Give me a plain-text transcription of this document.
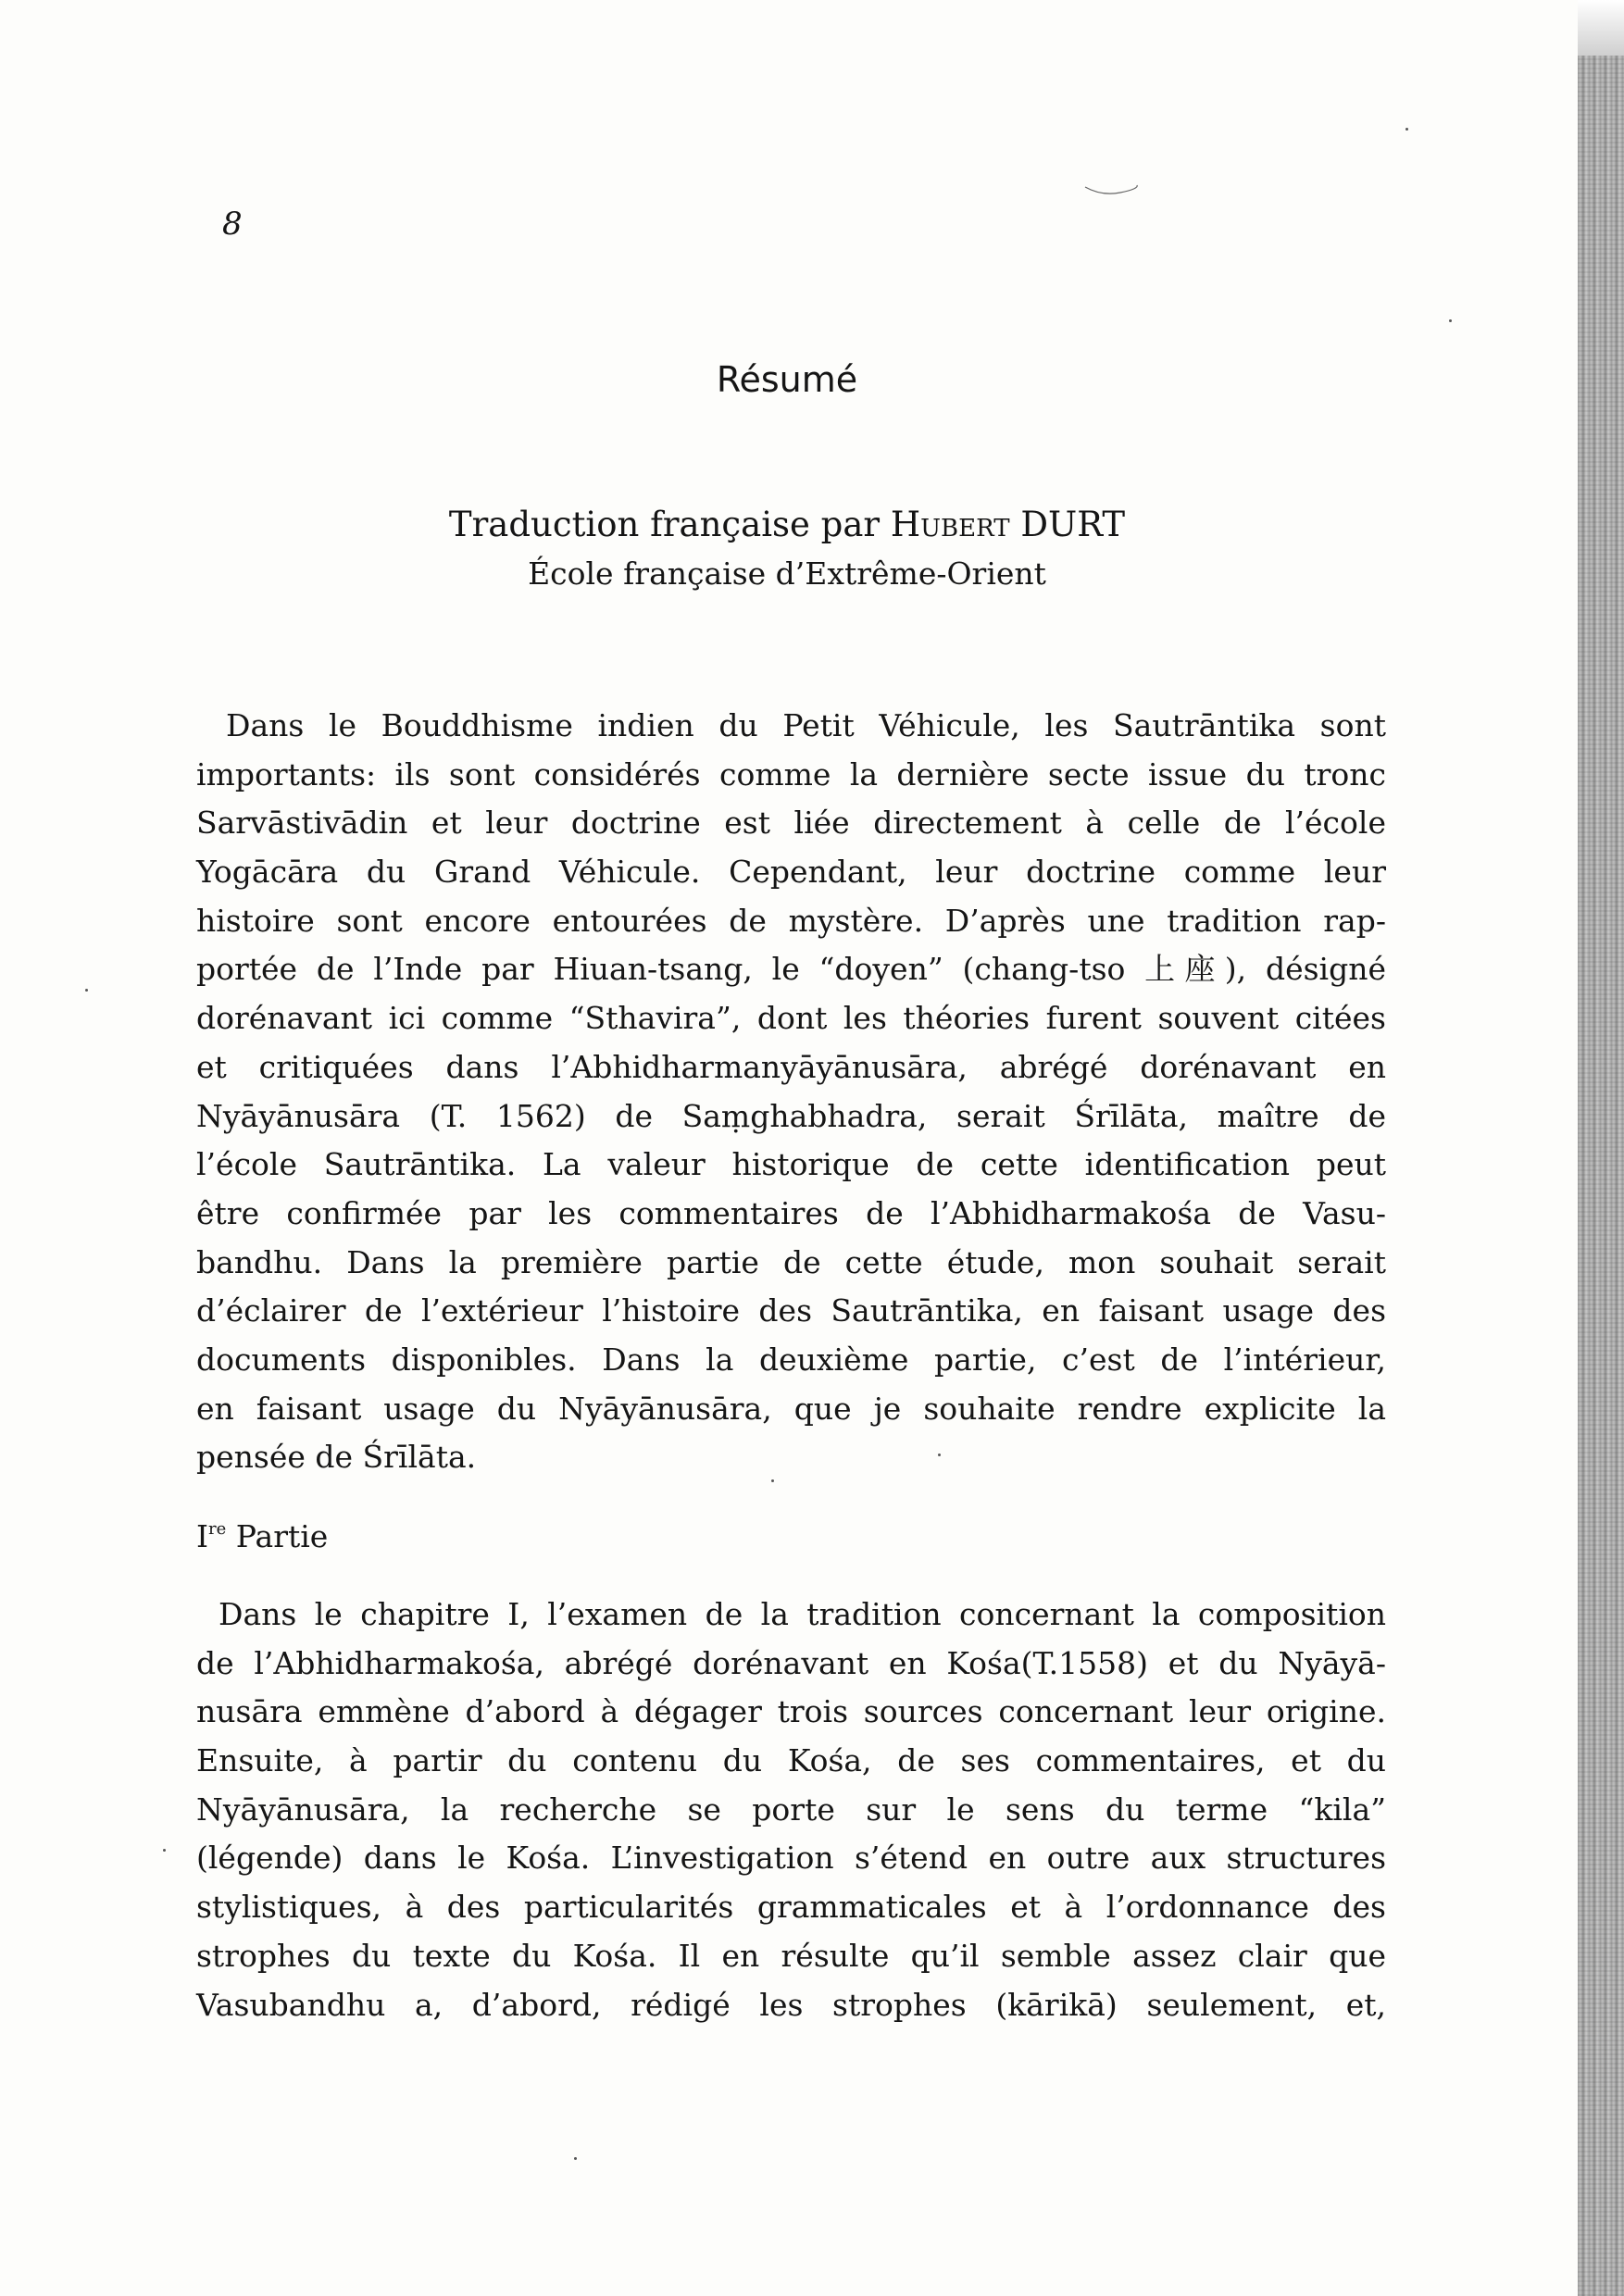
8
Résumé
Traduction française par Hubert DURT
École française d’Extrême-Orient
Dans le Bouddhisme indien du Petit Véhicule, les Sautrāntika sont
importants: ils sont considérés comme la dernière secte issue du tronc
Sarvāstivādin et leur doctrine est liée directement à celle de l’école
Yogācāra du Grand Véhicule. Cependant, leur doctrine comme leur
histoire sont encore entourées de mystère. D’après une tradition rap-
portée de l’Inde par Hiuan-tsang, le “doyen” (chang-tso 上座), désigné
dorénavant ici comme “Sthavira”, dont les théories furent souvent citées
et critiquées dans l’Abhidharmanyāyānusāra, abrégé dorénavant en
Nyāyānusāra (T. 1562) de Saṃghabhadra, serait Śrīlāta, maître de
l’école Sautrāntika. La valeur historique de cette identification peut
être confirmée par les commentaires de l’Abhidharmakośa de Vasu-
bandhu. Dans la première partie de cette étude, mon souhait serait
d’éclairer de l’extérieur l’histoire des Sautrāntika, en faisant usage des
documents disponibles. Dans la deuxième partie, c’est de l’intérieur,
en faisant usage du Nyāyānusāra, que je souhaite rendre explicite la
pensée de Śrīlāta.
Ire Partie
Dans le chapitre I, l’examen de la tradition concernant la composition
de l’Abhidharmakośa, abrégé dorénavant en Kośa(T.1558) et du Nyāyā-
nusāra emmène d’abord à dégager trois sources concernant leur origine.
Ensuite, à partir du contenu du Kośa, de ses commentaires, et du
Nyāyānusāra, la recherche se porte sur le sens du terme “kila”
(légende) dans le Kośa. L’investigation s’étend en outre aux structures
stylistiques, à des particularités grammaticales et à l’ordonnance des
strophes du texte du Kośa. Il en résulte qu’il semble assez clair que
Vasubandhu a, d’abord, rédigé les strophes (kārikā) seulement, et,
